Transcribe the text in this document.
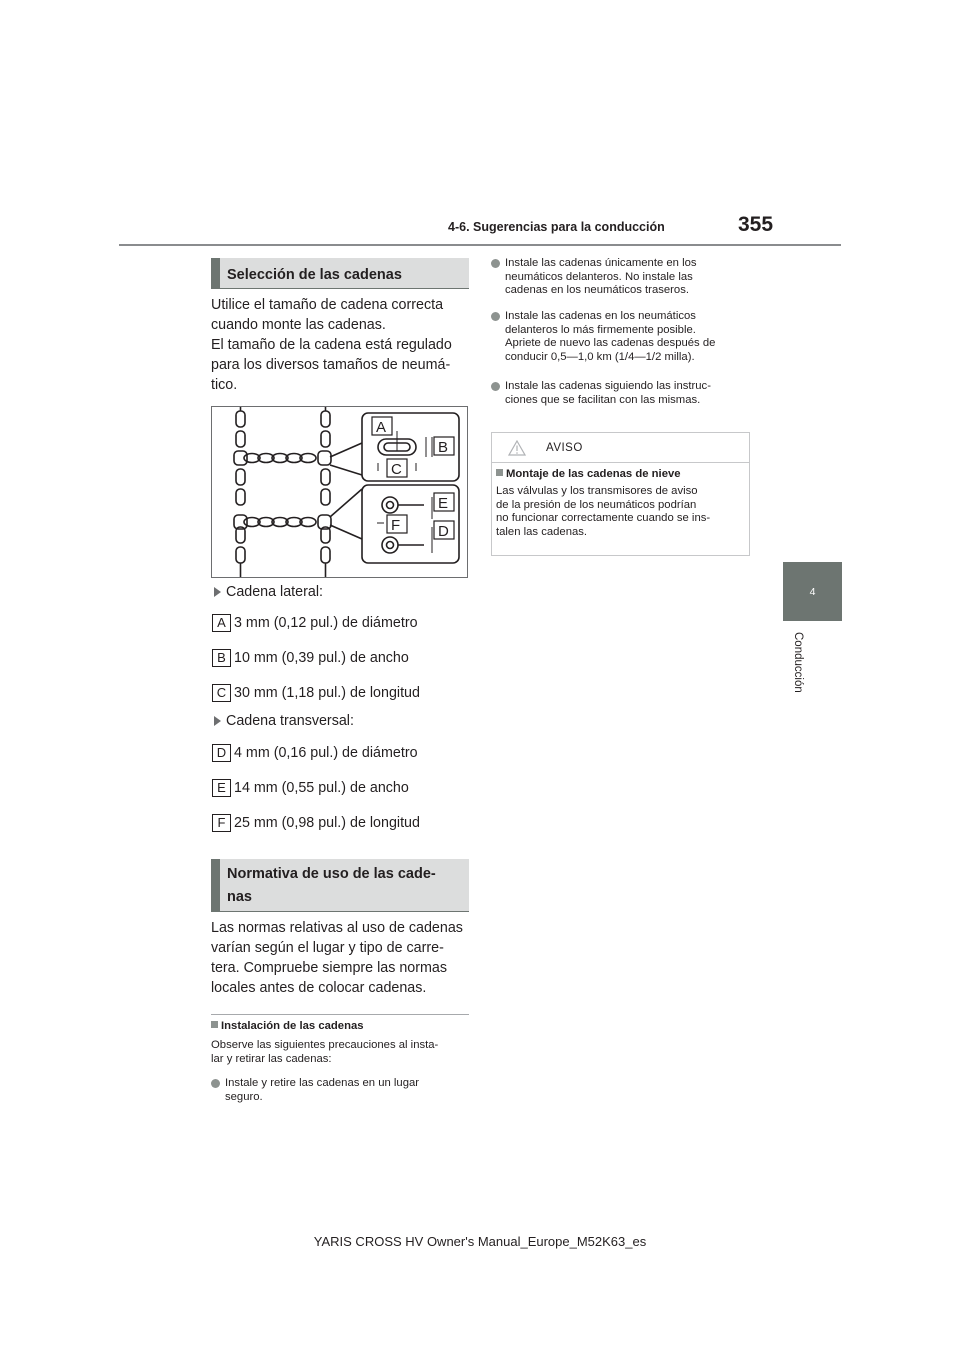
4-6. Sugerencias para la conducción	355
4
Conducción
Selección de las cadenas
Utilice el tamaño de cadena correcta
cuando monte las cadenas.
El tamaño de la cadena está regulado
para los diversos tamaños de neumá-
tico.
A
B
C
E
F	D
Cadena lateral:
A 3 mm (0,12 pul.) de diámetro
B 10 mm (0,39 pul.) de ancho
C 30 mm (1,18 pul.) de longitud
Cadena transversal:
D 4 mm (0,16 pul.) de diámetro
E 14 mm (0,55 pul.) de ancho
F 25 mm (0,98 pul.) de longitud
Normativa de uso de las cade-
nas
Las normas relativas al uso de cadenas
varían según el lugar y tipo de carre-
tera. Compruebe siempre las normas
locales antes de colocar cadenas.
Instalación de las cadenas
Observe las siguientes precauciones al insta-
lar y retirar las cadenas:
Instale y retire las cadenas en un lugar
seguro.
Instale las cadenas únicamente en los
neumáticos delanteros. No instale las
cadenas en los neumáticos traseros.
Instale las cadenas en los neumáticos
delanteros lo más firmemente posible.
Apriete de nuevo las cadenas después de
conducir 0,5—1,0 km (1/4—1/2 milla).
Instale las cadenas siguiendo las instruc-
ciones que se facilitan con las mismas.
AVISO
Montaje de las cadenas de nieve
Las válvulas y los transmisores de aviso
de la presión de los neumáticos podrían
no funcionar correctamente cuando se ins-
talen las cadenas.
YARIS CROSS HV Owner's Manual_Europe_M52K63_es
